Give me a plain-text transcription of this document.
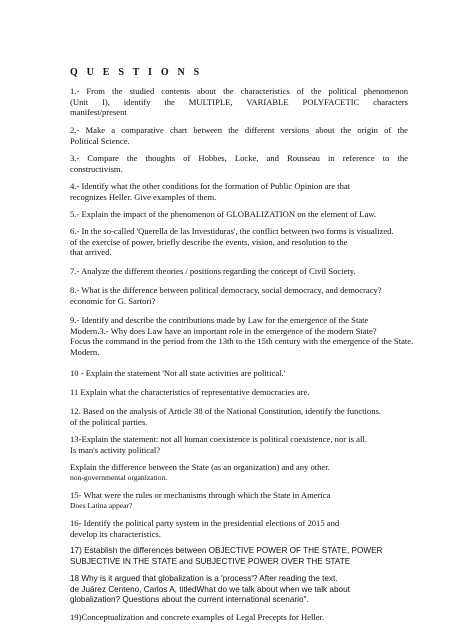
Q U E S T I O N S
1.- From the studied contents about the characteristics of the political phenomenon
(Unit I), identify the MULTIPLE, VARIABLE POLYFACETIC characters
manifest/present
2.- Make a comparative chart between the different versions about the origin of the
Political Science.
3.- Compare the thoughts of Hobbes, Locke, and Rousseau in reference to the
constructivism.
4.- Identify what the other conditions for the formation of Public Opinion are that
recognizes Heller. Give examples of them.
5.- Explain the impact of the phenomenon of GLOBALIZATION on the element of Law.
6.- In the so-called 'Querella de las Investiduras', the conflict between two forms is visualized.
of the exercise of power, briefly describe the events, vision, and resolution to the
that arrived.
7.- Analyze the different theories / positions regarding the concept of Civil Society.
8.- What is the difference between political democracy, social democracy, and democracy?
economic for G. Sartori?
9.- Identify and describe the contributions made by Law for the emergence of the State
Modern.3.- Why does Law have an important role in the emergence of the modern State?
Focus the command in the period from the 13th to the 15th century with the emergence of the State.
Modern.
10 - Explain the statement 'Not all state activities are political.'
11 Explain what the characteristics of representative democracies are.
12. Based on the analysis of Article 38 of the National Constitution, identify the functions.
of the political parties.
13-Explain the statement: not all human coexistence is political coexistence, nor is all.
Is man's activity political?
Explain the difference between the State (as an organization) and any other.
non-governmental organization.
15- What were the rules or mechanisms through which the State in America
Does Latina appear?
16- Identify the political party system in the presidential elections of 2015 and
develop its characteristics.
17) Establish the differences between OBJECTIVE POWER OF THE STATE, POWER
SUBJECTIVE IN THE STATE and SUBJECTIVE POWER OVER THE STATE
18 Why is it argued that globalization is a 'process'? After reading the text.
de Juárez Centeno, Carlos A, titledWhat do we talk about when we talk about
globalization? Questions about the current international scenario".
19)Conceptualization and concrete examples of Legal Precepts for Heller.
